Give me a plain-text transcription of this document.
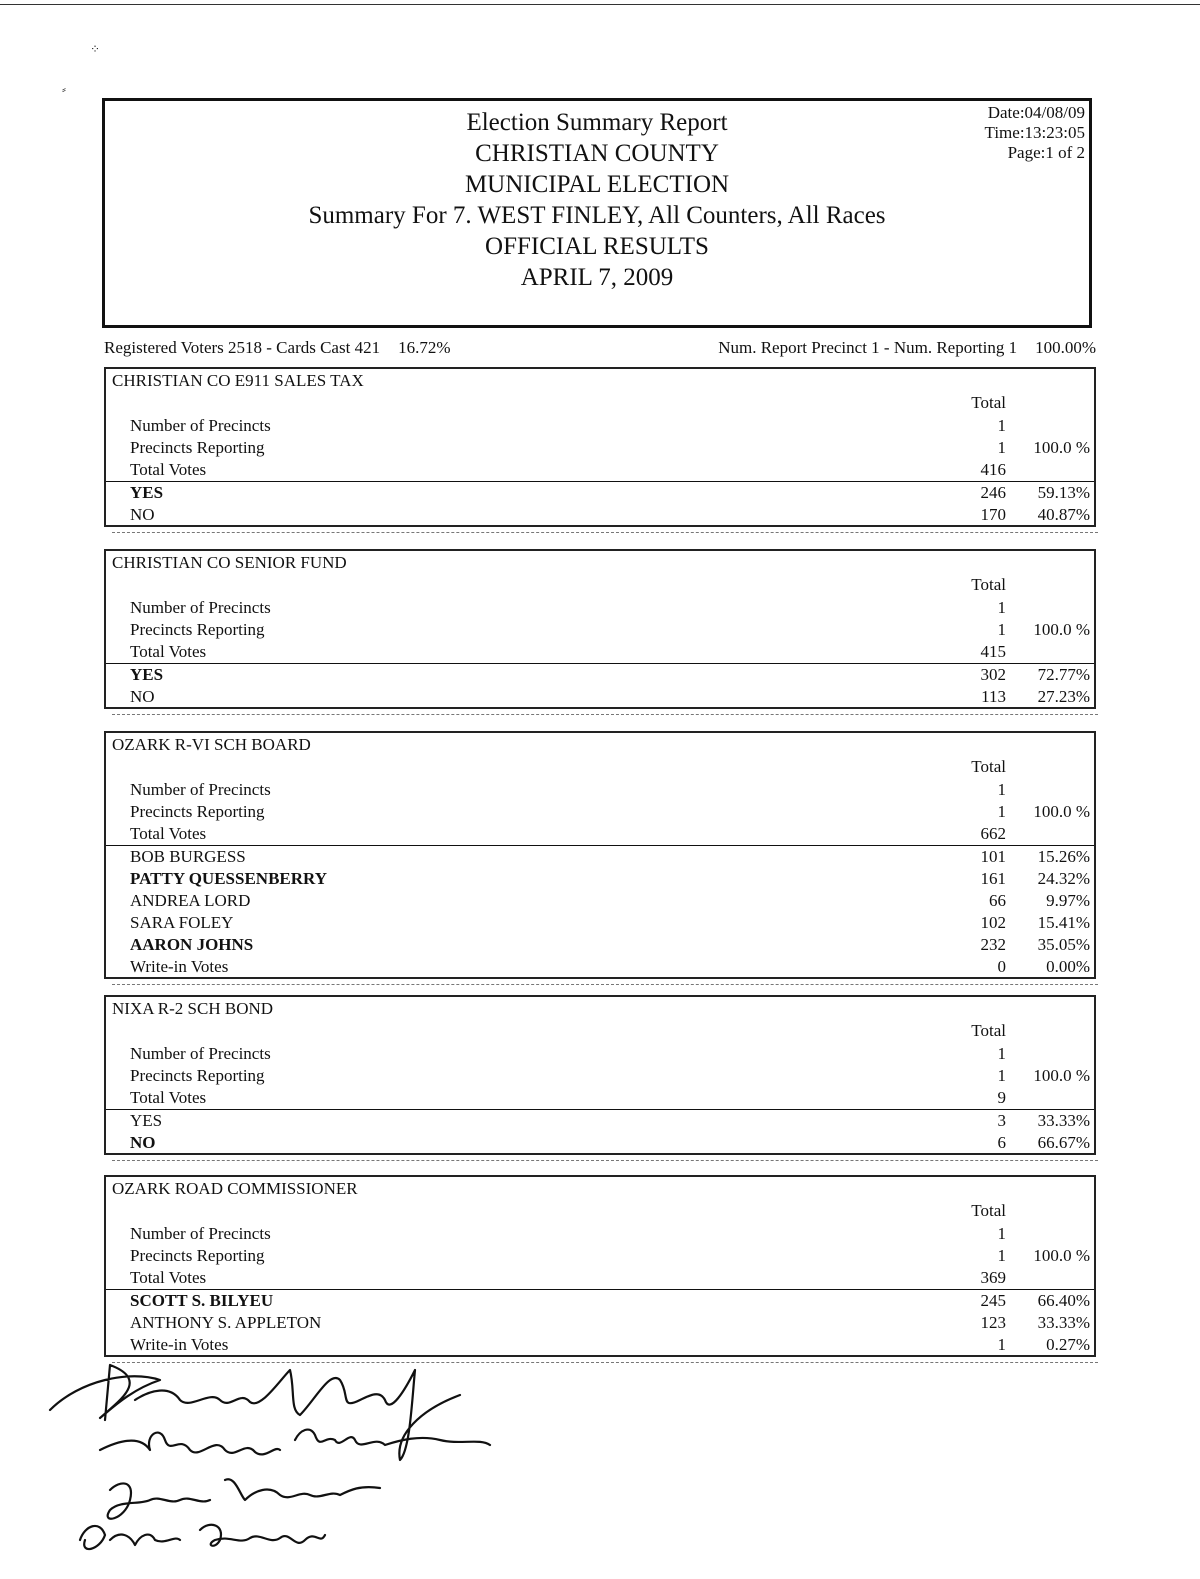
⁘
⸗
Election Summary Report
CHRISTIAN COUNTY
MUNICIPAL ELECTION
Summary For 7. WEST FINLEY, All Counters, All Races
OFFICIAL RESULTS
APRIL 7, 2009
Date:04/08/09
Time:13:23:05
Page:1 of 2
Registered Voters 2518 - Cards Cast 421 16.72%	Num. Report Precinct 1 - Num. Reporting 1 100.00%
CHRISTIAN CO E911 SALES TAX
Total
Number of Precincts	1
Precincts Reporting	1	100.0 %
Total Votes	416
YES	246	59.13%
NO	170	40.87%
CHRISTIAN CO SENIOR FUND
Total
Number of Precincts	1
Precincts Reporting	1	100.0 %
Total Votes	415
YES	302	72.77%
NO	113	27.23%
OZARK R-VI SCH BOARD
Total
Number of Precincts	1
Precincts Reporting	1	100.0 %
Total Votes	662
BOB BURGESS	101	15.26%
PATTY QUESSENBERRY	161	24.32%
ANDREA LORD	66	9.97%
SARA FOLEY	102	15.41%
AARON JOHNS	232	35.05%
Write-in Votes	0	0.00%
NIXA R-2 SCH BOND
Total
Number of Precincts	1
Precincts Reporting	1	100.0 %
Total Votes	9
YES	3	33.33%
NO	6	66.67%
OZARK ROAD COMMISSIONER
Total
Number of Precincts	1
Precincts Reporting	1	100.0 %
Total Votes	369
SCOTT S. BILYEU	245	66.40%
ANTHONY S. APPLETON	123	33.33%
Write-in Votes	1	0.27%
